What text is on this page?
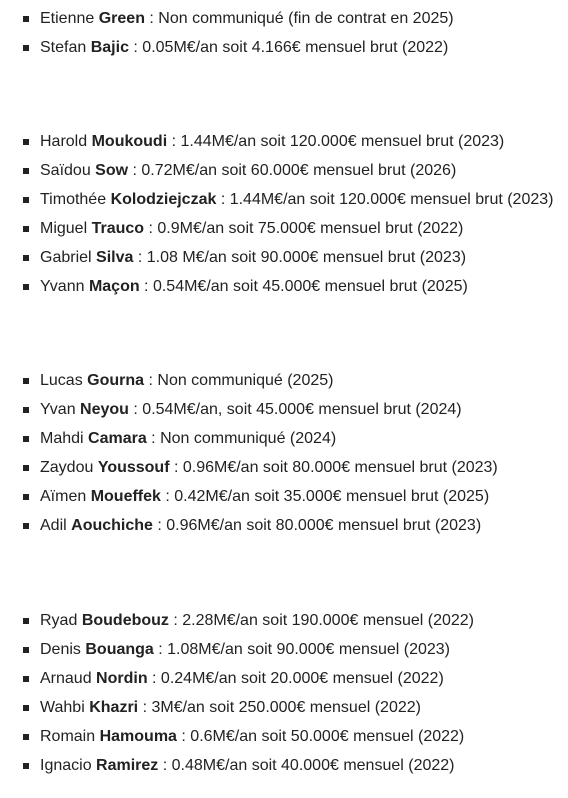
Etienne Green : Non communiqué (fin de contrat en 2025)
Stefan Bajic : 0.05M€/an soit 4.166€ mensuel brut (2022)
Harold Moukoudi : 1.44M€/an soit 120.000€ mensuel brut (2023)
Saïdou Sow : 0.72M€/an soit 60.000€ mensuel brut (2026)
Timothée Kolodziejczak : 1.44M€/an soit 120.000€ mensuel brut (2023)
Miguel Trauco : 0.9M€/an soit 75.000€ mensuel brut (2022)
Gabriel Silva : 1.08 M€/an soit 90.000€ mensuel brut (2023)
Yvann Maçon : 0.54M€/an soit 45.000€ mensuel brut (2025)
Lucas Gourna : Non communiqué (2025)
Yvan Neyou : 0.54M€/an, soit 45.000€ mensuel brut (2024)
Mahdi Camara : Non communiqué (2024)
Zaydou Youssouf : 0.96M€/an soit 80.000€ mensuel brut (2023)
Aïmen Moueffek : 0.42M€/an soit 35.000€ mensuel brut (2025)
Adil Aouchiche : 0.96M€/an soit 80.000€ mensuel brut (2023)
Ryad Boudebouz : 2.28M€/an soit 190.000€ mensuel (2022)
Denis Bouanga : 1.08M€/an soit 90.000€ mensuel (2023)
Arnaud Nordin : 0.24M€/an soit 20.000€ mensuel (2022)
Wahbi Khazri : 3M€/an soit 250.000€ mensuel (2022)
Romain Hamouma : 0.6M€/an soit 50.000€ mensuel (2022)
Ignacio Ramirez : 0.48M€/an soit 40.000€ mensuel (2022)
